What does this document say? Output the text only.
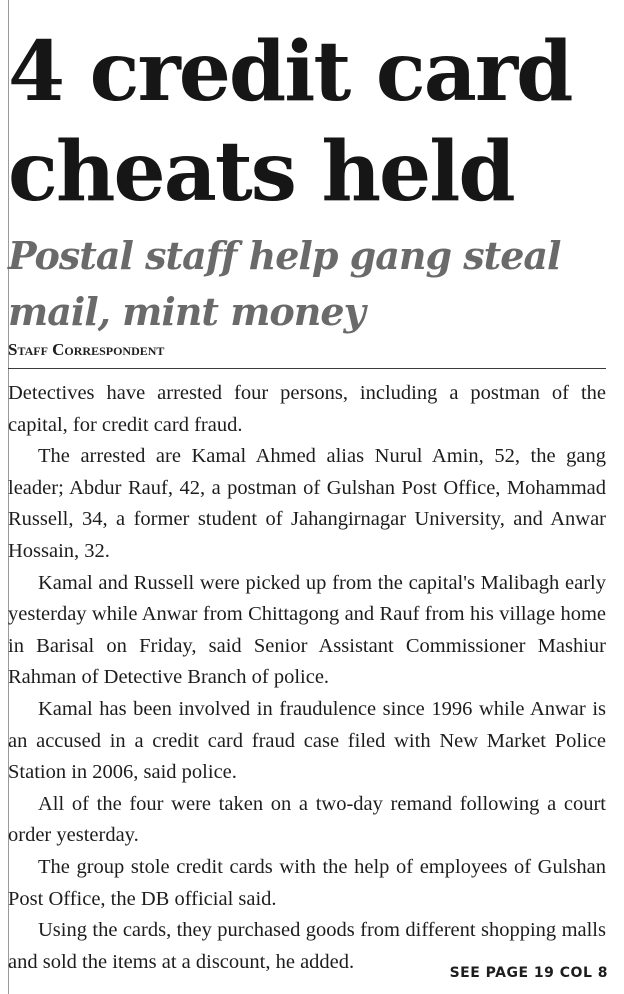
4 credit card cheats held
Postal staff help gang steal mail, mint money
Staff Correspondent

Detectives have arrested four persons, including a postman of the capital, for credit card fraud.

The arrested are Kamal Ahmed alias Nurul Amin, 52, the gang leader; Abdur Rauf, 42, a postman of Gulshan Post Office, Mohammad Russell, 34, a former student of Jahangirnagar University, and Anwar Hossain, 32.

Kamal and Russell were picked up from the capital's Malibagh early yesterday while Anwar from Chittagong and Rauf from his village home in Barisal on Friday, said Senior Assistant Commissioner Mashiur Rahman of Detective Branch of police.

Kamal has been involved in fraudulence since 1996 while Anwar is an accused in a credit card fraud case filed with New Market Police Station in 2006, said police.

All of the four were taken on a two-day remand following a court order yesterday.

The group stole credit cards with the help of employees of Gulshan Post Office, the DB official said.

Using the cards, they purchased goods from different shopping malls and sold the items at a discount, he added.

SEE PAGE 19 COL 8
